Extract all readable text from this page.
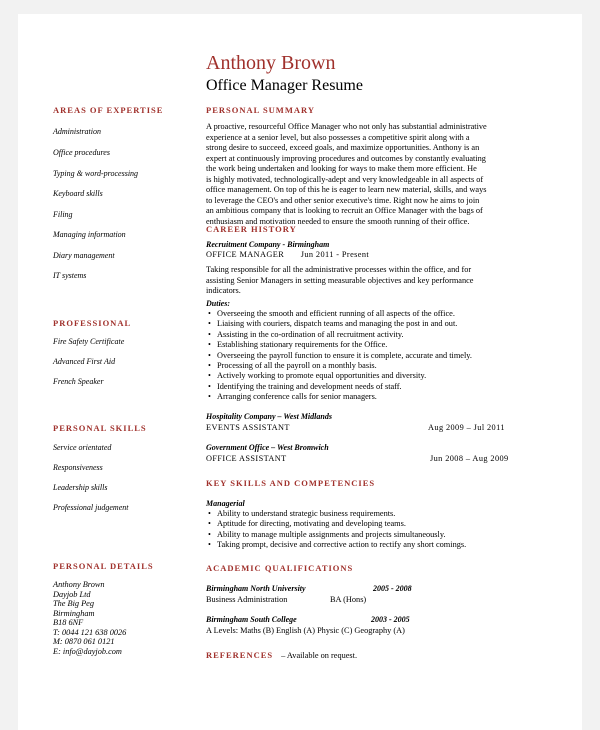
Anthony Brown
Office Manager Resume
AREAS OF EXPERTISE
Administration
Office procedures
Typing & word-processing
Keyboard skills
Filing
Managing information
Diary management
IT systems
PROFESSIONAL
Fire Safety Certificate
Advanced First Aid
French Speaker
PERSONAL SKILLS
Service orientated
Responsiveness
Leadership skills
Professional judgement
PERSONAL DETAILS
Anthony Brown
Dayjob Ltd
The Big Peg
Birmingham
B18 6NF
T: 0044 121 638 0026
M: 0870 061 0121
E: info@dayjob.com
PERSONAL SUMMARY
A proactive, resourceful Office Manager who not only has substantial administrative
experience at a senior level, but also possesses a competitive spirit along with a
strong desire to succeed, exceed goals, and maximize opportunities. Anthony is an
expert at continuously improving procedures and outcomes by constantly evaluating
the work being undertaken and looking for ways to make them more efficient. He
is highly motivated, technologically-adept and very knowledgeable in all aspects of
office management. On top of this he is eager to learn new material, skills, and ways
to leverage the CEO's and other senior executive's time. Right now he aims to join
an ambitious company that is looking to recruit an Office Manager with the bags of
enthusiasm and motivation needed to ensure the smooth running of their office.
CAREER HISTORY
Recruitment Company - Birmingham
OFFICE MANAGER Jun 2011 - Present
Taking responsible for all the administrative processes within the office, and for
assisting Senior Managers in setting measurable objectives and key performance
indicators.
Duties:
• Overseeing the smooth and efficient running of all aspects of the office.
• Liaising with couriers, dispatch teams and managing the post in and out.
• Assisting in the co-ordination of all recruitment activity.
• Establishing stationary requirements for the Office.
• Overseeing the payroll function to ensure it is complete, accurate and timely.
• Processing of all the payroll on a monthly basis.
• Actively working to promote equal opportunities and diversity.
• Identifying the training and development needs of staff.
• Arranging conference calls for senior managers.
Hospitality Company – West Midlands
EVENTS ASSISTANT	Aug 2009 – Jul 2011
Government Office – West Bromwich
OFFICE ASSISTANT	Jun 2008 – Aug 2009
KEY SKILLS AND COMPETENCIES
Managerial
• Ability to understand strategic business requirements.
• Aptitude for directing, motivating and developing teams.
• Ability to manage multiple assignments and projects simultaneously.
• Taking prompt, decisive and corrective action to rectify any short comings.
ACADEMIC QUALIFICATIONS
Birmingham North University	2005 - 2008
Business Administration	BA (Hons)
Birmingham South College	2003 - 2005
A Levels: Maths (B) English (A) Physic (C) Geography (A)
REFERENCES – Available on request.
